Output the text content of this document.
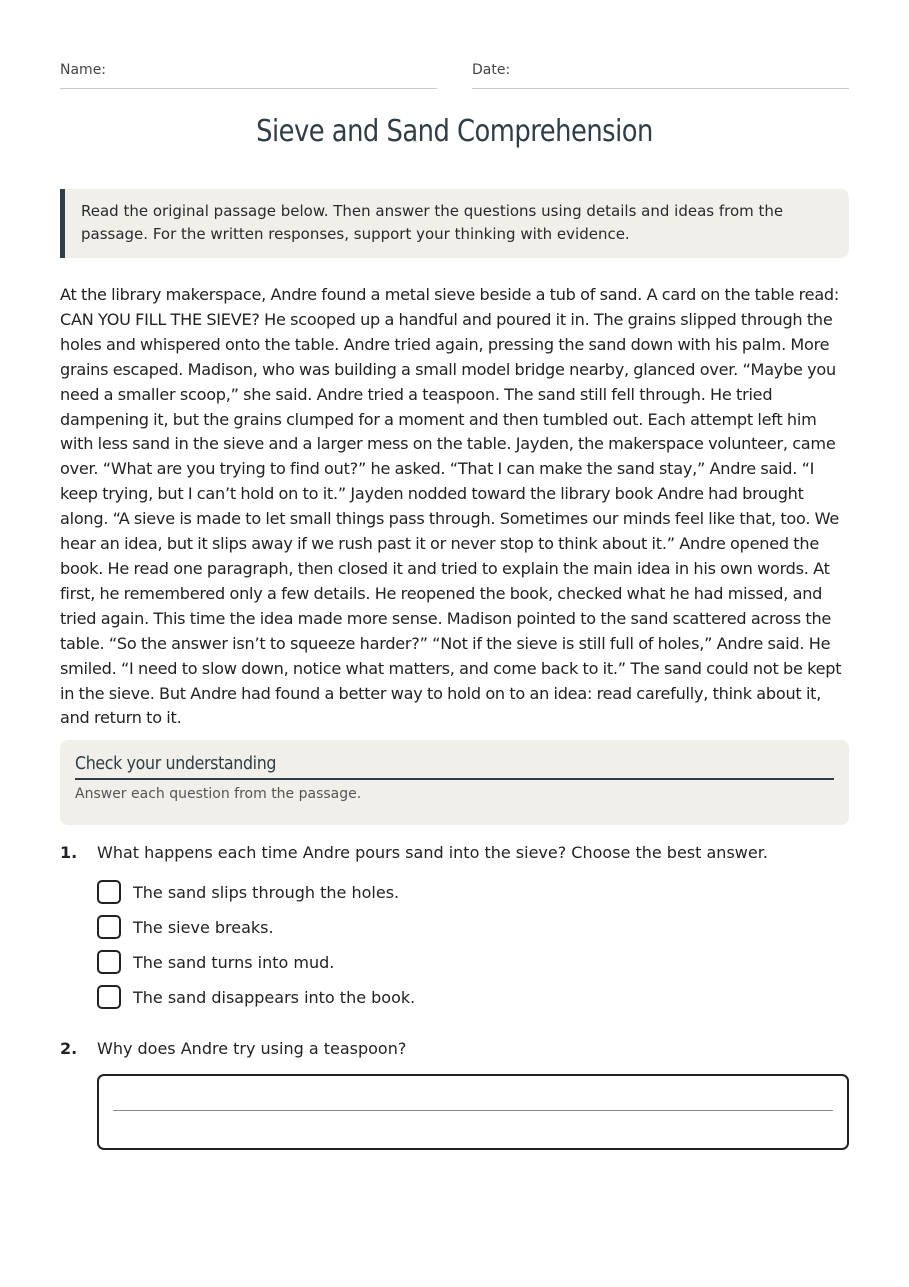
Name:	Date:
Sieve and Sand Comprehension
Read the original passage below. Then answer the questions using details and ideas from the passage. For the written responses, support your thinking with evidence.
At the library makerspace, Andre found a metal sieve beside a tub of sand. A card on the table read: CAN YOU FILL THE SIEVE? He scooped up a handful and poured it in. The grains slipped through the holes and whispered onto the table. Andre tried again, pressing the sand down with his palm. More grains escaped. Madison, who was building a small model bridge nearby, glanced over. “Maybe you need a smaller scoop,” she said. Andre tried a teaspoon. The sand still fell through. He tried dampening it, but the grains clumped for a moment and then tumbled out. Each attempt left him with less sand in the sieve and a larger mess on the table. Jayden, the makerspace volunteer, came over. “What are you trying to find out?” he asked. “That I can make the sand stay,” Andre said. “I keep trying, but I can’t hold on to it.” Jayden nodded toward the library book Andre had brought along. “A sieve is made to let small things pass through. Sometimes our minds feel like that, too. We hear an idea, but it slips away if we rush past it or never stop to think about it.” Andre opened the book. He read one paragraph, then closed it and tried to explain the main idea in his own words. At first, he remembered only a few details. He reopened the book, checked what he had missed, and tried again. This time the idea made more sense. Madison pointed to the sand scattered across the table. “So the answer isn’t to squeeze harder?” “Not if the sieve is still full of holes,” Andre said. He smiled. “I need to slow down, notice what matters, and come back to it.” The sand could not be kept in the sieve. But Andre had found a better way to hold on to an idea: read carefully, think about it, and return to it.
Check your understanding
Answer each question from the passage.
1. What happens each time Andre pours sand into the sieve? Choose the best answer.
The sand slips through the holes.
The sieve breaks.
The sand turns into mud.
The sand disappears into the book.
2. Why does Andre try using a teaspoon?
